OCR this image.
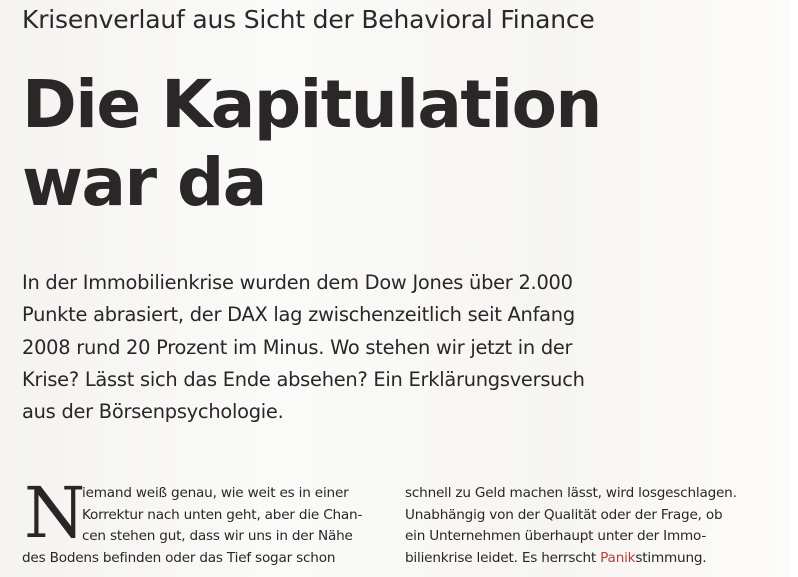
Krisenverlauf aus Sicht der Behavioral Finance
Die Kapitulation
war da
In der Immobilienkrise wurden dem Dow Jones über 2.000
Punkte abrasiert, der DAX lag zwischenzeitlich seit Anfang
2008 rund 20 Prozent im Minus. Wo stehen wir jetzt in der
Krise? Lässt sich das Ende absehen? Ein Erklärungsversuch
aus der Börsenpsychologie.
N
iemand weiß genau, wie weit es in einer
Korrektur nach unten geht, aber die Chan-
cen stehen gut, dass wir uns in der Nähe
des Bodens befinden oder das Tief sogar schon
schnell zu Geld machen lässt, wird losgeschlagen.
Unabhängig von der Qualität oder der Frage, ob
ein Unternehmen überhaupt unter der Immo-
bilienkrise leidet. Es herrscht Panikstimmung.
